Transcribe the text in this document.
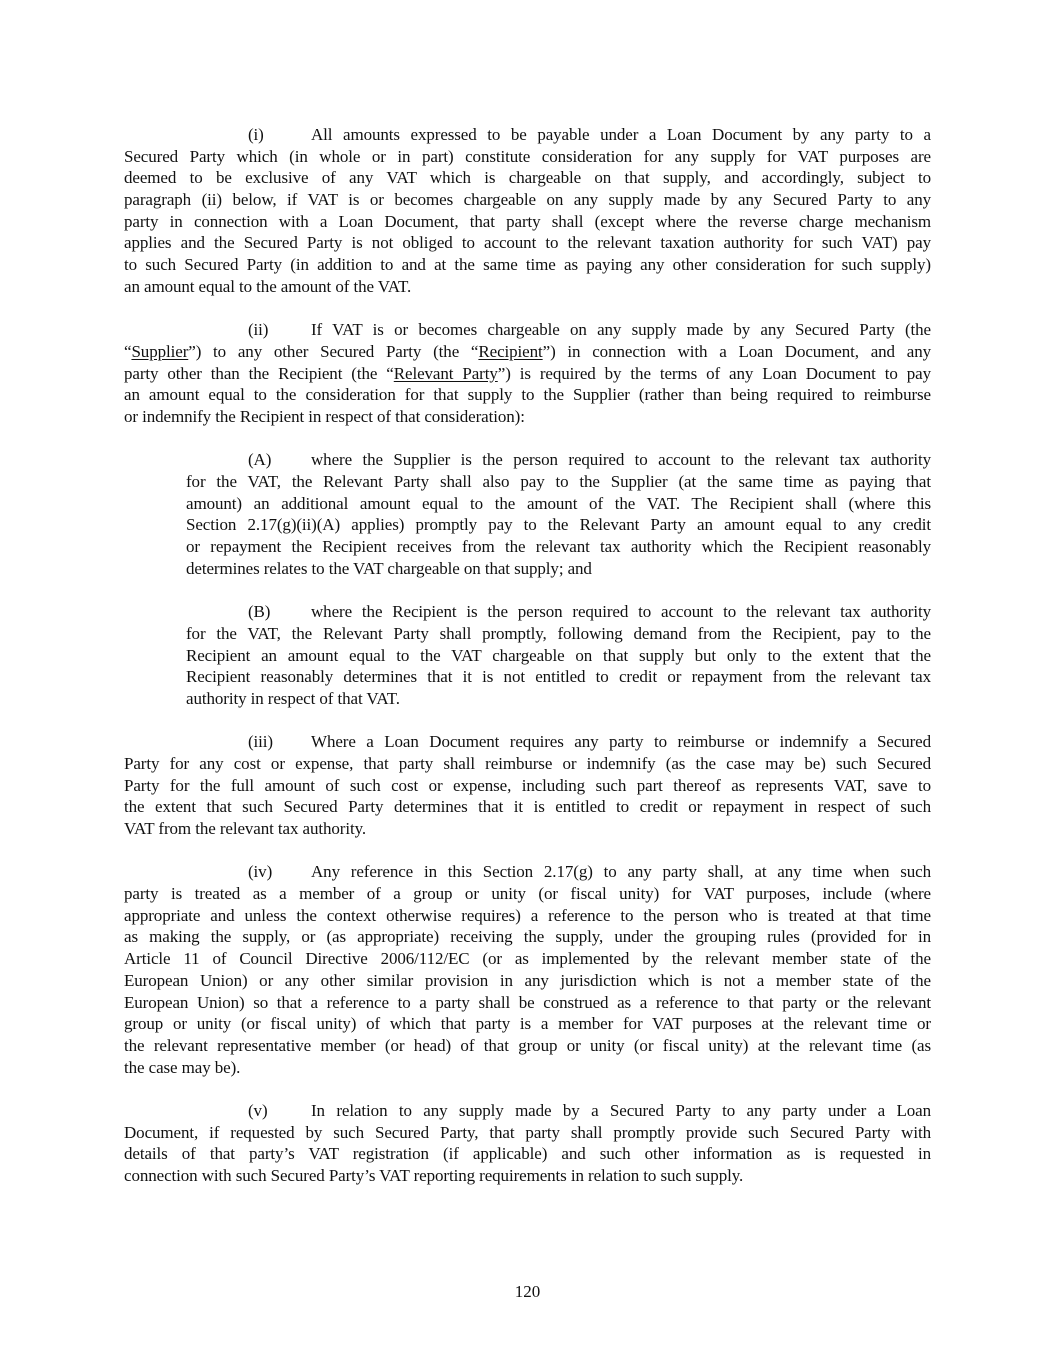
(i)	All amounts expressed to be payable under a Loan Document by any party to a
Secured Party which (in whole or in part) constitute consideration for any supply for VAT purposes are
deemed to be exclusive of any VAT which is chargeable on that supply, and accordingly, subject to
paragraph (ii) below, if VAT is or becomes chargeable on any supply made by any Secured Party to any
party in connection with a Loan Document, that party shall (except where the reverse charge mechanism
applies and the Secured Party is not obliged to account to the relevant taxation authority for such VAT) pay
to such Secured Party (in addition to and at the same time as paying any other consideration for such supply)
an amount equal to the amount of the VAT.
(ii)	If VAT is or becomes chargeable on any supply made by any Secured Party (the
“Supplier”) to any other Secured Party (the “Recipient”) in connection with a Loan Document, and any
party other than the Recipient (the “Relevant Party”) is required by the terms of any Loan Document to pay
an amount equal to the consideration for that supply to the Supplier (rather than being required to reimburse
or indemnify the Recipient in respect of that consideration):
(A) where the Supplier is the person required to account to the relevant tax authority
for the VAT, the Relevant Party shall also pay to the Supplier (at the same time as paying that
amount) an additional amount equal to the amount of the VAT. The Recipient shall (where this
Section 2.17(g)(ii)(A) applies) promptly pay to the Relevant Party an amount equal to any credit
or repayment the Recipient receives from the relevant tax authority which the Recipient reasonably
determines relates to the VAT chargeable on that supply; and
(B) where the Recipient is the person required to account to the relevant tax authority
for the VAT, the Relevant Party shall promptly, following demand from the Recipient, pay to the
Recipient an amount equal to the VAT chargeable on that supply but only to the extent that the
Recipient reasonably determines that it is not entitled to credit or repayment from the relevant tax
authority in respect of that VAT.
(iii) Where a Loan Document requires any party to reimburse or indemnify a Secured
Party for any cost or expense, that party shall reimburse or indemnify (as the case may be) such Secured
Party for the full amount of such cost or expense, including such part thereof as represents VAT, save to
the extent that such Secured Party determines that it is entitled to credit or repayment in respect of such
VAT from the relevant tax authority.
(iv) Any reference in this Section 2.17(g) to any party shall, at any time when such
party is treated as a member of a group or unity (or fiscal unity) for VAT purposes, include (where
appropriate and unless the context otherwise requires) a reference to the person who is treated at that time
as making the supply, or (as appropriate) receiving the supply, under the grouping rules (provided for in
Article 11 of Council Directive 2006/112/EC (or as implemented by the relevant member state of the
European Union) or any other similar provision in any jurisdiction which is not a member state of the
European Union) so that a reference to a party shall be construed as a reference to that party or the relevant
group or unity (or fiscal unity) of which that party is a member for VAT purposes at the relevant time or
the relevant representative member (or head) of that group or unity (or fiscal unity) at the relevant time (as
the case may be).
(v)	In relation to any supply made by a Secured Party to any party under a Loan
Document, if requested by such Secured Party, that party shall promptly provide such Secured Party with
details of that party’s VAT registration (if applicable) and such other information as is requested in
connection with such Secured Party’s VAT reporting requirements in relation to such supply.
120
